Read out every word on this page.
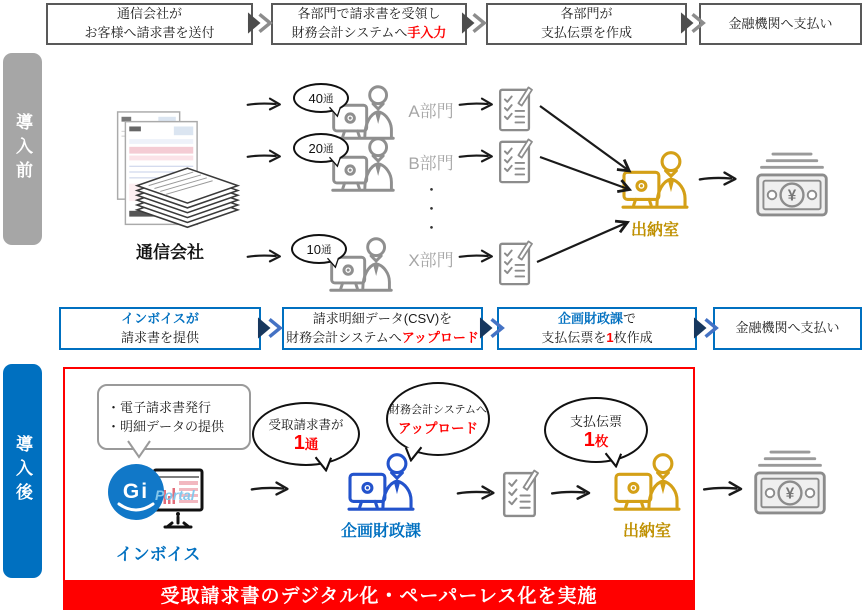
通信会社が
お客様へ請求書を送付
各部門で請求書を受領し
財務会計システムへ手入力
各部門が
支払伝票を作成
金融機関へ支払い
導入前
導入後
通信会社
40 通
A部門
20 通
B部門
・・・
10 通
X部門
出納室
¥
インボイスが
請求書を提供
請求明細データ(CSV)を
財務会計システムへアップロード
企画財政課で
支払伝票を1枚作成
金融機関へ支払い
受取請求書のデジタル化・ペーパーレス化を実施
・電子請求書発行
・明細データの提供
Gi Portal
インボイス
受取請求書が
1通
財務会計システムへ
アップロード
企画財政課
支払伝票
1枚
出納室
¥
